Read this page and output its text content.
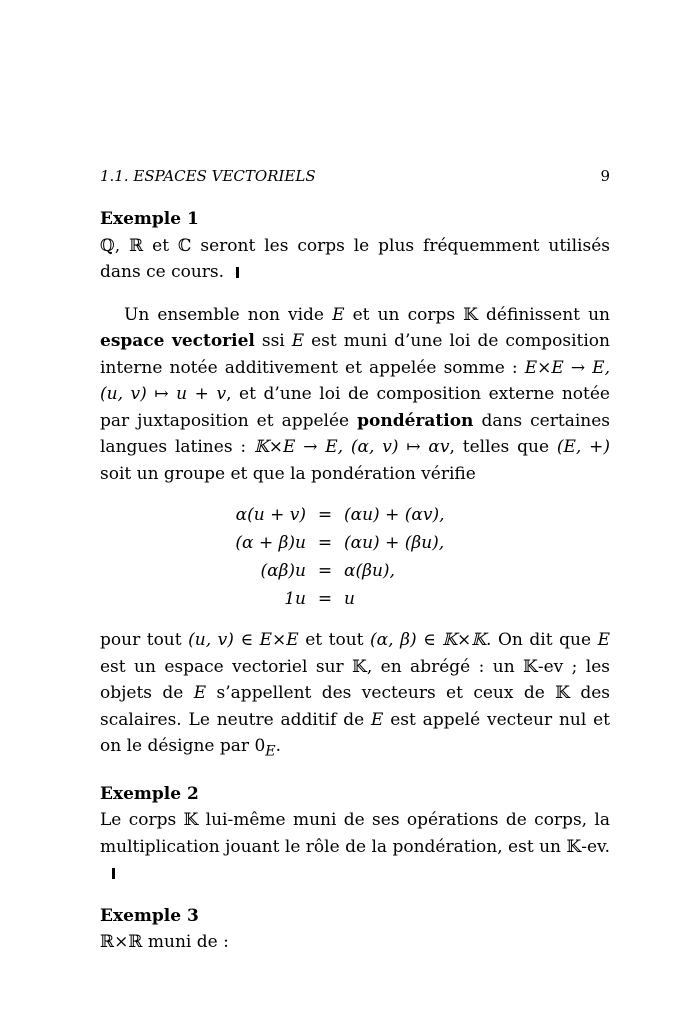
1.1. ESPACES VECTORIELS	9

Exemple 1

ℚ, ℝ et ℂ seront les corps le plus fréquemment utilisés dans ce cours.

Un ensemble non vide E et un corps 𝕂 définissent un espace vectoriel ssi E est muni d’une loi de composition interne notée additivement et appelée somme : E×E → E, (u, v) ↦ u + v, et d’une loi de composition externe notée par juxtaposition et appelée pondération dans certaines langues latines : 𝕂×E → E, (α, v) ↦ αv, telles que (E, +) soit un groupe et que la pondération vérifie

α(u + v) = (αu) + (αv),
(α + β)u = (αu) + (βu),
(αβ)u = α(βu),
1u = u

pour tout (u, v) ∈ E×E et tout (α, β) ∈ 𝕂×𝕂. On dit que E est un espace vectoriel sur 𝕂, en abrégé : un 𝕂-ev ; les objets de E s’appellent des vecteurs et ceux de 𝕂 des scalaires. Le neutre additif de E est appelé vecteur nul et on le désigne par $0_E$.

Exemple 2

Le corps 𝕂 lui-même muni de ses opérations de corps, la multiplication jouant le rôle de la pondération, est un 𝕂-ev.

Exemple 3

ℝ×ℝ muni de :
